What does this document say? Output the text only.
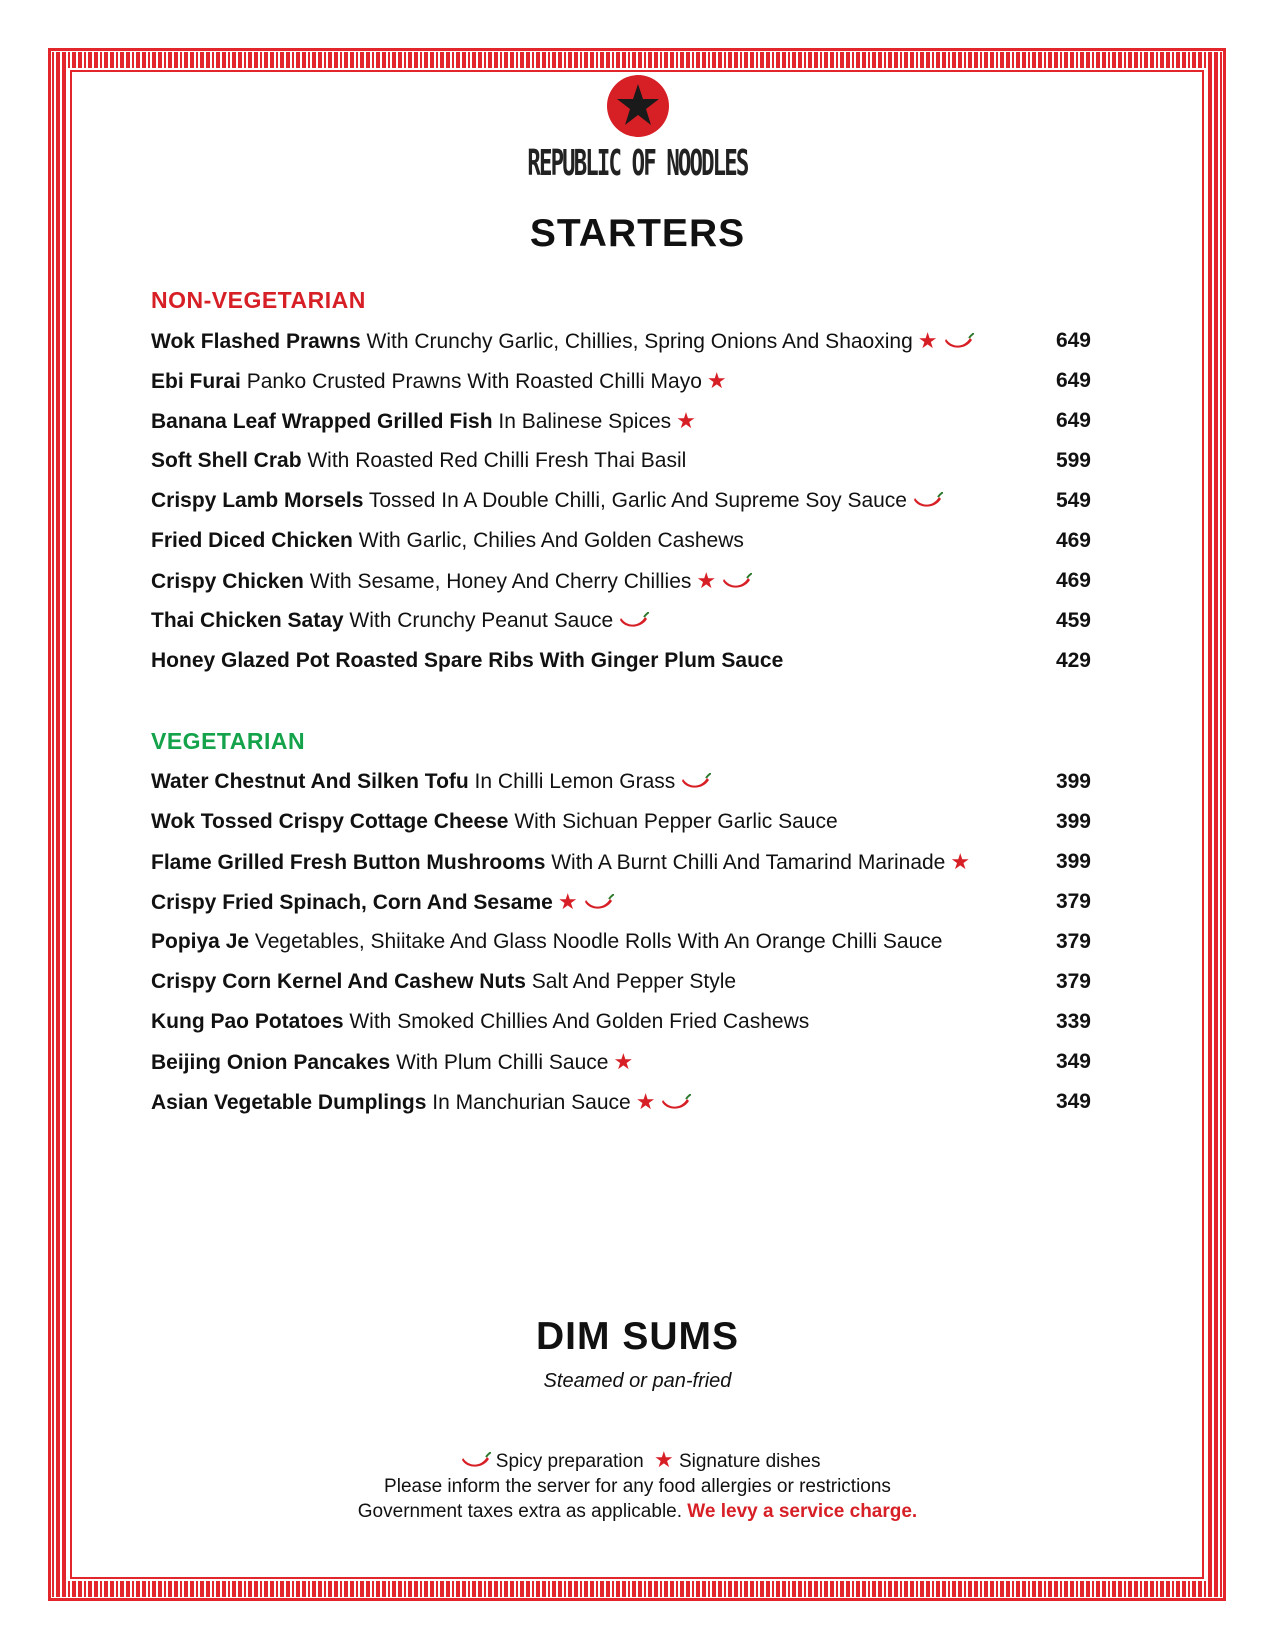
REPUBLIC OF NOODLES
STARTERS
NON-VEGETARIAN
Wok Flashed Prawns With Crunchy Garlic, Chillies, Spring Onions And Shaoxing ★	649
Ebi Furai Panko Crusted Prawns With Roasted Chilli Mayo ★	649
Banana Leaf Wrapped Grilled Fish In Balinese Spices ★	649
Soft Shell Crab With Roasted Red Chilli Fresh Thai Basil	599
Crispy Lamb Morsels Tossed In A Double Chilli, Garlic And Supreme Soy Sauce	549
Fried Diced Chicken With Garlic, Chilies And Golden Cashews	469
Crispy Chicken With Sesame, Honey And Cherry Chillies ★	469
Thai Chicken Satay With Crunchy Peanut Sauce	459
Honey Glazed Pot Roasted Spare Ribs With Ginger Plum Sauce	429
VEGETARIAN
Water Chestnut And Silken Tofu In Chilli Lemon Grass	399
Wok Tossed Crispy Cottage Cheese With Sichuan Pepper Garlic Sauce	399
Flame Grilled Fresh Button Mushrooms With A Burnt Chilli And Tamarind Marinade ★	399
Crispy Fried Spinach, Corn And Sesame ★	379
Popiya Je Vegetables, Shiitake And Glass Noodle Rolls With An Orange Chilli Sauce	379
Crispy Corn Kernel And Cashew Nuts Salt And Pepper Style	379
Kung Pao Potatoes With Smoked Chillies And Golden Fried Cashews	339
Beijing Onion Pancakes With Plum Chilli Sauce ★	349
Asian Vegetable Dumplings In Manchurian Sauce ★	349
DIM SUMS
Steamed or pan-fried
Spicy preparation ★ Signature dishes
Please inform the server for any food allergies or restrictions
Government taxes extra as applicable. We levy a service charge.
